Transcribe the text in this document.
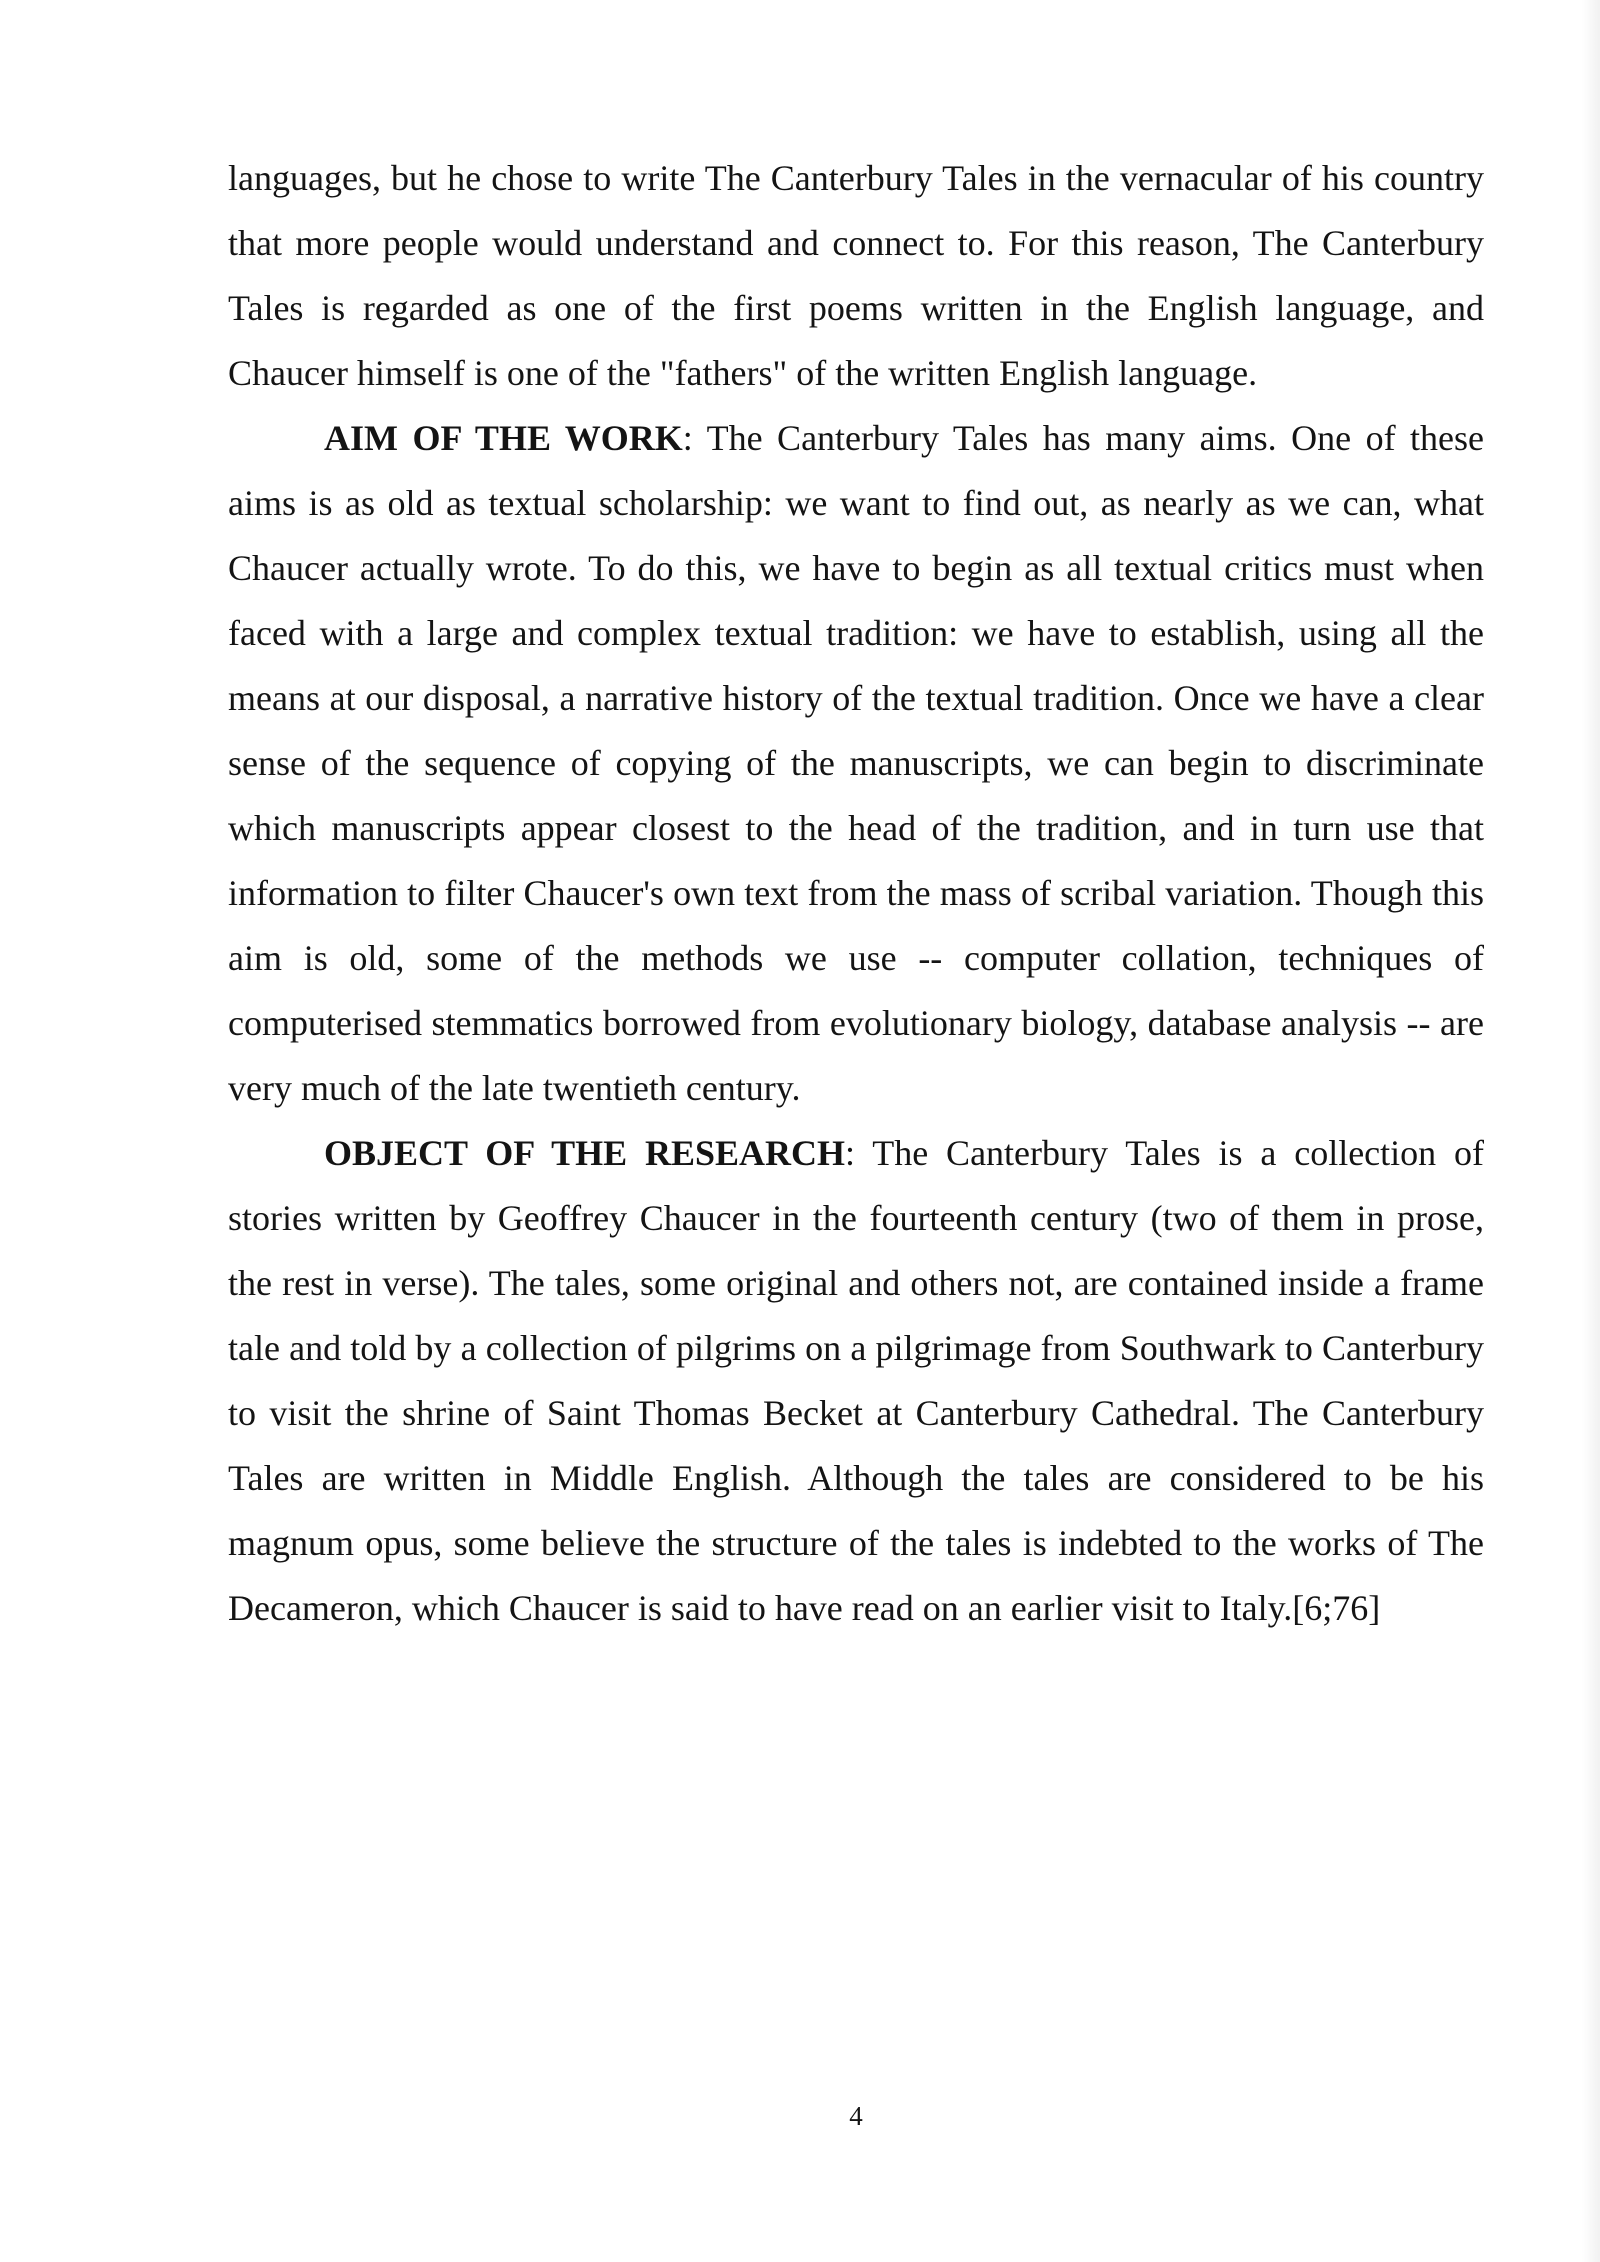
languages, but he chose to write The Canterbury Tales in the vernacular of his country that more people would understand and connect to. For this reason, The Canterbury Tales is regarded as one of the first poems written in the English language, and Chaucer himself is one of the "fathers" of the written English language.

AIM OF THE WORK: The Canterbury Tales has many aims. One of these aims is as old as textual scholarship: we want to find out, as nearly as we can, what Chaucer actually wrote. To do this, we have to begin as all textual critics must when faced with a large and complex textual tradition: we have to establish, using all the means at our disposal, a narrative history of the textual tradition. Once we have a clear sense of the sequence of copying of the manuscripts, we can begin to discriminate which manuscripts appear closest to the head of the tradition, and in turn use that information to filter Chaucer's own text from the mass of scribal variation. Though this aim is old, some of the methods we use -- computer collation, techniques of computerised stemmatics borrowed from evolutionary biology, database analysis -- are very much of the late twentieth century.

OBJECT OF THE RESEARCH: The Canterbury Tales is a collection of stories written by Geoffrey Chaucer in the fourteenth century (two of them in prose, the rest in verse). The tales, some original and others not, are contained inside a frame tale and told by a collection of pilgrims on a pilgrimage from Southwark to Canterbury to visit the shrine of Saint Thomas Becket at Canterbury Cathedral. The Canterbury Tales are written in Middle English. Although the tales are considered to be his magnum opus, some believe the structure of the tales is indebted to the works of The Decameron, which Chaucer is said to have read on an earlier visit to Italy.[6;76]

4
